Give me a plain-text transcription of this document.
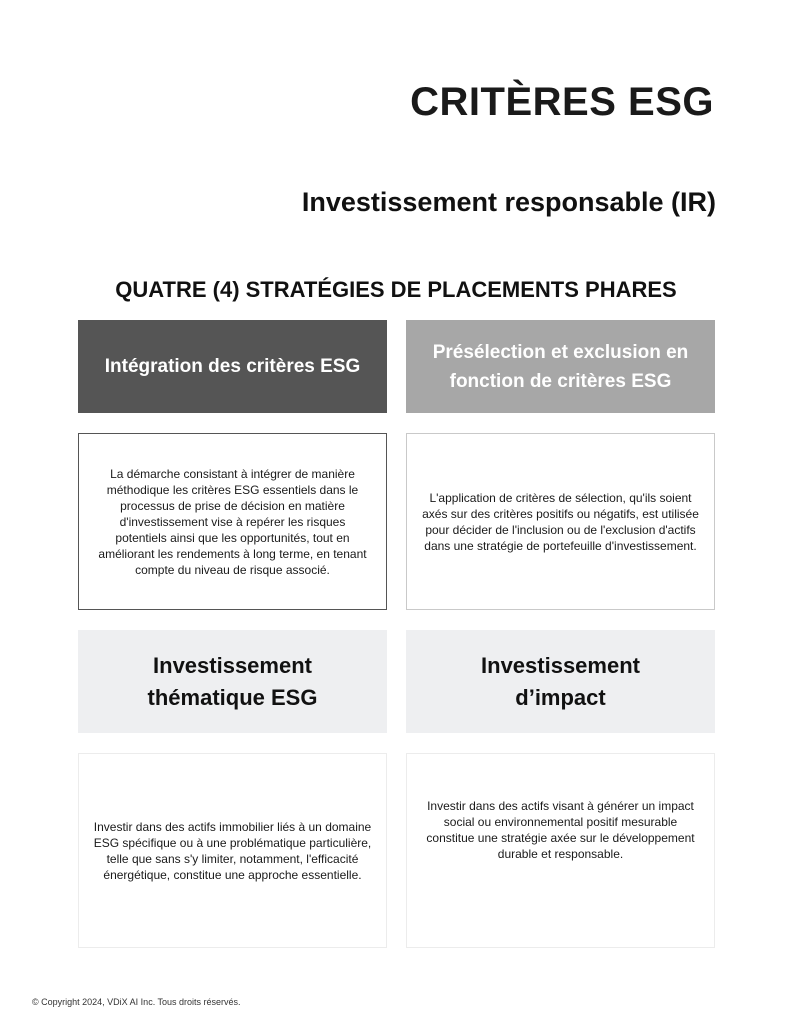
CRITÈRES ESG
Investissement responsable (IR)
QUATRE (4) STRATÉGIES DE PLACEMENTS PHARES
Intégration des critères ESG
La démarche consistant à intégrer de manière méthodique les critères ESG essentiels dans le processus de prise de décision en matière d'investissement vise à repérer les risques potentiels ainsi que les opportunités, tout en améliorant les rendements à long terme, en tenant compte du niveau de risque associé.
Présélection et exclusion en fonction de critères ESG
L'application de critères de sélection, qu'ils soient axés sur des critères positifs ou négatifs, est utilisée pour décider de l'inclusion ou de l'exclusion d'actifs dans une stratégie de portefeuille d'investissement.
Investissement thématique ESG
Investir dans des actifs immobilier liés à un domaine ESG spécifique ou à une problématique particulière, telle que sans s'y limiter, notamment, l'efficacité énergétique, constitue une approche essentielle.
Investissement d’impact
Investir dans des actifs visant à générer un impact social ou environnemental positif mesurable constitue une stratégie axée sur le développement durable et responsable.
© Copyright 2024, VDiX AI Inc. Tous droits réservés.
